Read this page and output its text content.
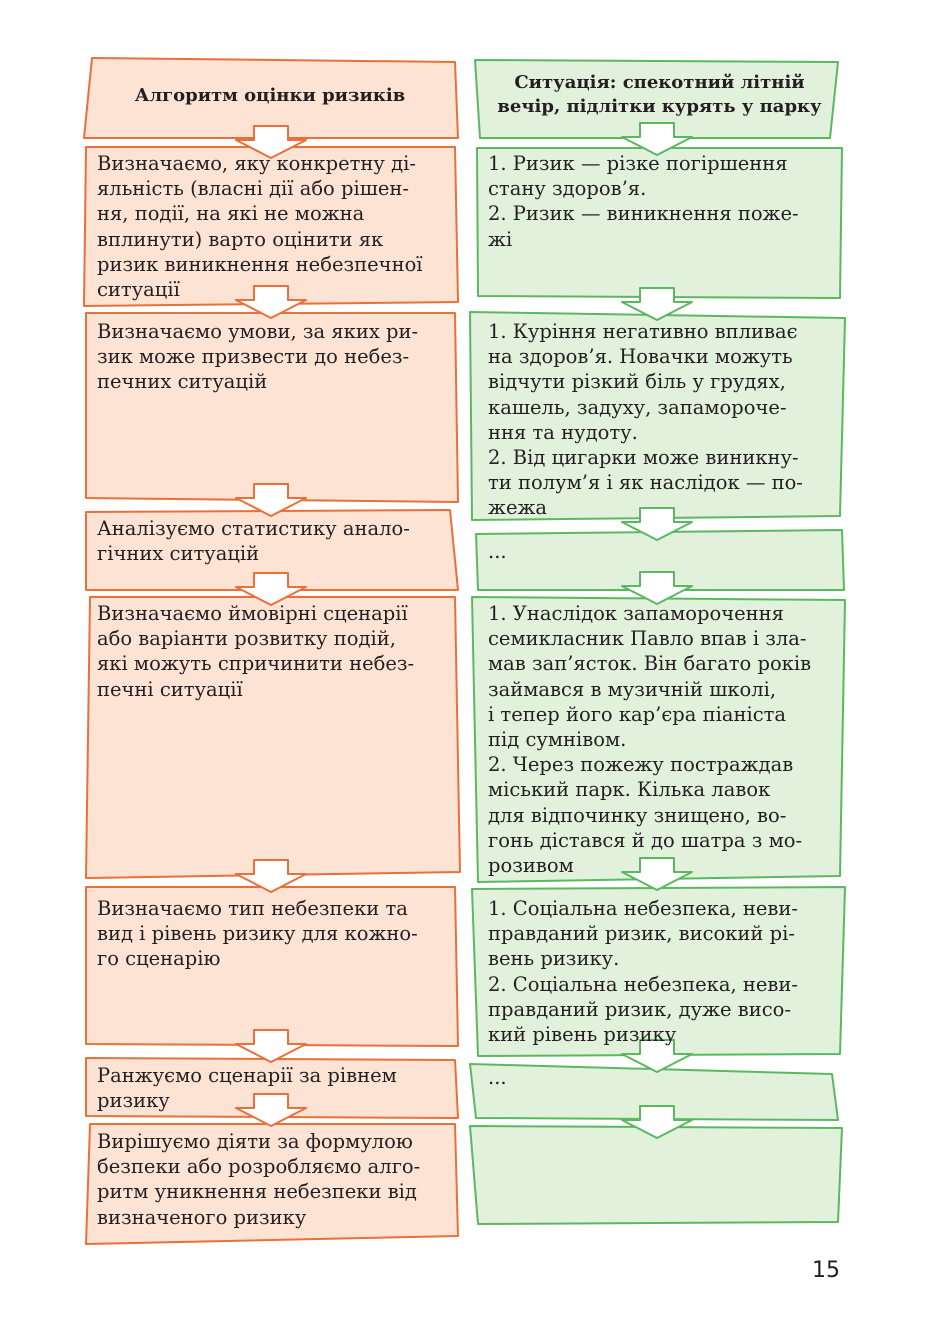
Алгоритм оцінки ризиків
Ситуація: спекотний літній
вечір, підлітки курять у парку

Визначаємо, яку конкретну ді-
яльність (власні дії або рішен-
ня, події, на які не можна
вплинути) варто оцінити як
ризик виникнення небезпечної
ситуації

Визначаємо умови, за яких ри-
зик може призвести до небез-
печних ситуацій

Аналізуємо статистику анало-
гічних ситуацій

Визначаємо ймовірні сценарії
або варіанти розвитку подій,
які можуть спричинити небез-
печні ситуації

Визначаємо тип небезпеки та
вид і рівень ризику для кожно-
го сценарію

Ранжуємо сценарії за рівнем
ризику

Вирішуємо діяти за формулою
безпеки або розробляємо алго-
ритм уникнення небезпеки від
визначеного ризику

1. Ризик — різке погіршення
стану здоров’я.
2. Ризик — виникнення поже-
жі

1. Куріння негативно впливає
на здоров’я. Новачки можуть
відчути різкий біль у грудях,
кашель, задуху, запамороче-
ння та нудоту.
2. Від цигарки може виникну-
ти полум’я і як наслідок — по-
жежа

...

1. Унаслідок запаморочення
семикласник Павло впав і зла-
мав зап’ясток. Він багато років
займався в музичній школі,
і тепер його кар’єра піаніста
під сумнівом.
2. Через пожежу постраждав
міський парк. Кілька лавок
для відпочинку знищено, во-
гонь дістався й до шатра з мо-
розивом

1. Соціальна небезпека, неви-
правданий ризик, високий рі-
вень ризику.
2. Соціальна небезпека, неви-
правданий ризик, дуже висо-
кий рівень ризику

...

15
